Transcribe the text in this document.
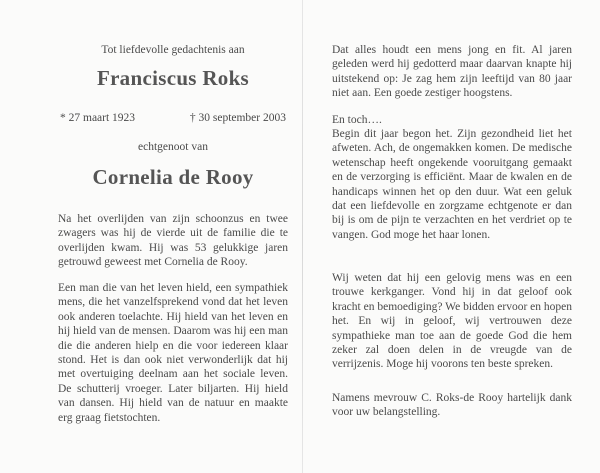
Tot liefdevolle gedachtenis aan
Franciscus Roks
* 27 maart 1923	† 30 september 2003
echtgenoot van
Cornelia de Rooy

Na het overlijden van zijn schoonzus en twee zwagers was hij de vierde uit de familie die te overlijden kwam. Hij was 53 gelukkige jaren getrouwd geweest met Cornelia de Rooy.

Een man die van het leven hield, een sympathiek mens, die het vanzelfsprekend vond dat het leven ook anderen toelachte. Hij hield van het leven en hij hield van de mensen. Daarom was hij een man die die anderen hielp en die voor iedereen klaar stond. Het is dan ook niet verwonderlijk dat hij met overtuiging deelnam aan het sociale leven. De schutterij vroeger. Later biljarten. Hij hield van dansen. Hij hield van de natuur en maakte erg graag fietstochten.

Dat alles houdt een mens jong en fit. Al jaren geleden werd hij gedotterd maar daarvan knapte hij uitstekend op: Je zag hem zijn leeftijd van 80 jaar niet aan. Een goede zestiger hoogstens.

En toch….

Begin dit jaar begon het. Zijn gezondheid liet het afweten. Ach, de ongemakken komen. De medische wetenschap heeft ongekende vooruitgang gemaakt en de verzorging is efficiënt. Maar de kwalen en de handicaps winnen het op den duur. Wat een geluk dat een liefdevolle en zorgzame echtgenote er dan bij is om de pijn te verzachten en het verdriet op te vangen. God moge het haar lonen.

Wij weten dat hij een gelovig mens was en een trouwe kerkganger. Vond hij in dat geloof ook kracht en bemoediging? We bidden ervoor en hopen het. En wij in geloof, wij vertrouwen deze sympathieke man toe aan de goede God die hem zeker zal doen delen in de vreugde van de verrijzenis. Moge hij voorons ten beste spreken.

Namens mevrouw C. Roks-de Rooy hartelijk dank voor uw belangstelling.
